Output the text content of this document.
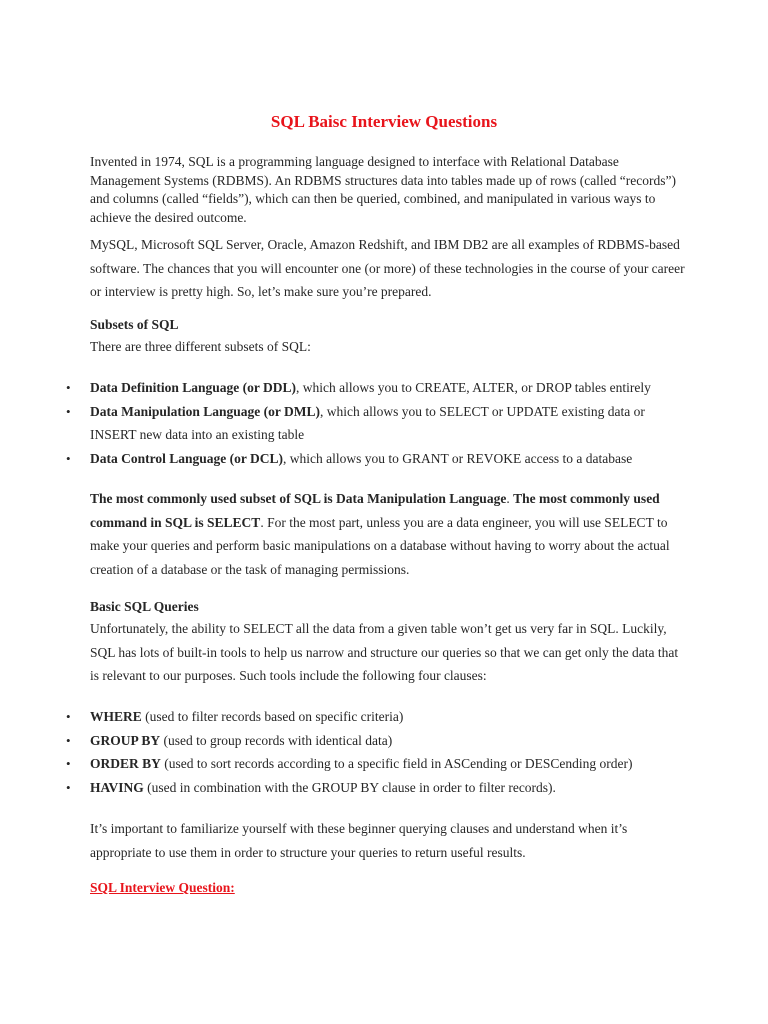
SQL Baisc Interview Questions

Invented in 1974, SQL is a programming language designed to interface with Relational Database Management Systems (RDBMS). An RDBMS structures data into tables made up of rows (called “records”) and columns (called “fields”), which can then be queried, combined, and manipulated in various ways to achieve the desired outcome.

MySQL, Microsoft SQL Server, Oracle, Amazon Redshift, and IBM DB2 are all examples of RDBMS-based software. The chances that you will encounter one (or more) of these technologies in the course of your career or interview is pretty high. So, let’s make sure you’re prepared.

Subsets of SQL

There are three different subsets of SQL:

• Data Definition Language (or DDL), which allows you to CREATE, ALTER, or DROP tables entirely
• Data Manipulation Language (or DML), which allows you to SELECT or UPDATE existing data or INSERT new data into an existing table
• Data Control Language (or DCL), which allows you to GRANT or REVOKE access to a database

The most commonly used subset of SQL is Data Manipulation Language. The most commonly used command in SQL is SELECT. For the most part, unless you are a data engineer, you will use SELECT to make your queries and perform basic manipulations on a database without having to worry about the actual creation of a database or the task of managing permissions.

Basic SQL Queries

Unfortunately, the ability to SELECT all the data from a given table won’t get us very far in SQL. Luckily, SQL has lots of built-in tools to help us narrow and structure our queries so that we can get only the data that is relevant to our purposes. Such tools include the following four clauses:

• WHERE (used to filter records based on specific criteria)
• GROUP BY (used to group records with identical data)
• ORDER BY (used to sort records according to a specific field in ASCending or DESCending order)
• HAVING (used in combination with the GROUP BY clause in order to filter records).

It’s important to familiarize yourself with these beginner querying clauses and understand when it’s appropriate to use them in order to structure your queries to return useful results.

SQL Interview Question:
